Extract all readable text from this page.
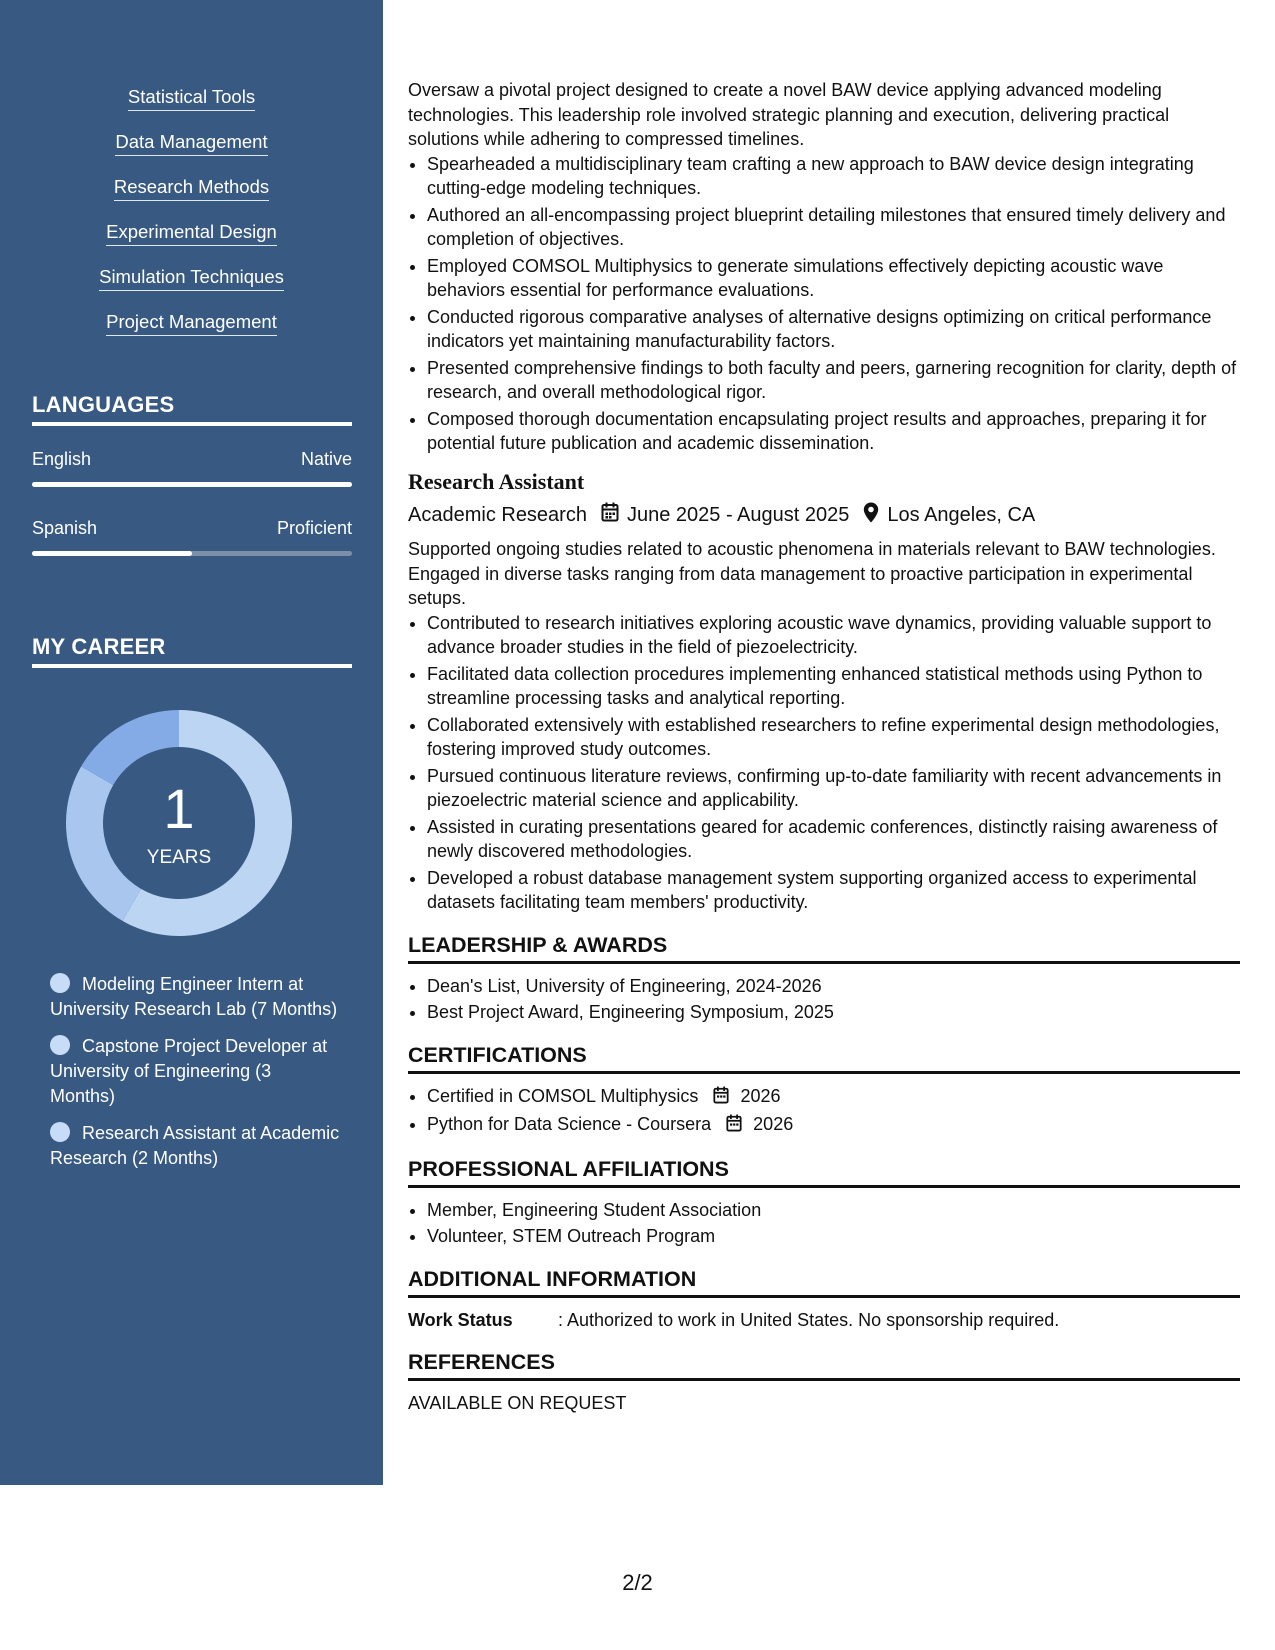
Statistical Tools
Data Management
Research Methods
Experimental Design
Simulation Techniques
Project Management
LANGUAGES
English	Native
Spanish	Proficient
MY CAREER
1
YEARS
Modeling Engineer Intern at University Research Lab (7 Months)
Capstone Project Developer at University of Engineering (3 Months)
Research Assistant at Academic Research (2 Months)

Oversaw a pivotal project designed to create a novel BAW device applying advanced modeling technologies. This leadership role involved strategic planning and execution, delivering practical solutions while adhering to compressed timelines.

• Spearheaded a multidisciplinary team crafting a new approach to BAW device design integrating cutting-edge modeling techniques.
• Authored an all-encompassing project blueprint detailing milestones that ensured timely delivery and completion of objectives.
• Employed COMSOL Multiphysics to generate simulations effectively depicting acoustic wave behaviors essential for performance evaluations.
• Conducted rigorous comparative analyses of alternative designs optimizing on critical performance indicators yet maintaining manufacturability factors.
• Presented comprehensive findings to both faculty and peers, garnering recognition for clarity, depth of research, and overall methodological rigor.
• Composed thorough documentation encapsulating project results and approaches, preparing it for potential future publication and academic dissemination.
Research Assistant
Academic Research June 2025 - August 2025 Los Angeles, CA

Supported ongoing studies related to acoustic phenomena in materials relevant to BAW technologies. Engaged in diverse tasks ranging from data management to proactive participation in experimental setups.

• Contributed to research initiatives exploring acoustic wave dynamics, providing valuable support to advance broader studies in the field of piezoelectricity.
• Facilitated data collection procedures implementing enhanced statistical methods using Python to streamline processing tasks and analytical reporting.
• Collaborated extensively with established researchers to refine experimental design methodologies, fostering improved study outcomes.
• Pursued continuous literature reviews, confirming up-to-date familiarity with recent advancements in piezoelectric material science and applicability.
• Assisted in curating presentations geared for academic conferences, distinctly raising awareness of newly discovered methodologies.
• Developed a robust database management system supporting organized access to experimental datasets facilitating team members' productivity.
LEADERSHIP & AWARDS
• Dean's List, University of Engineering, 2024-2026
• Best Project Award, Engineering Symposium, 2025
CERTIFICATIONS
• Certified in COMSOL Multiphysics 2026
• Python for Data Science - Coursera 2026
PROFESSIONAL AFFILIATIONS
• Member, Engineering Student Association
• Volunteer, STEM Outreach Program
ADDITIONAL INFORMATION
Work Status	: Authorized to work in United States. No sponsorship required.
REFERENCES

AVAILABLE ON REQUEST

2/2
